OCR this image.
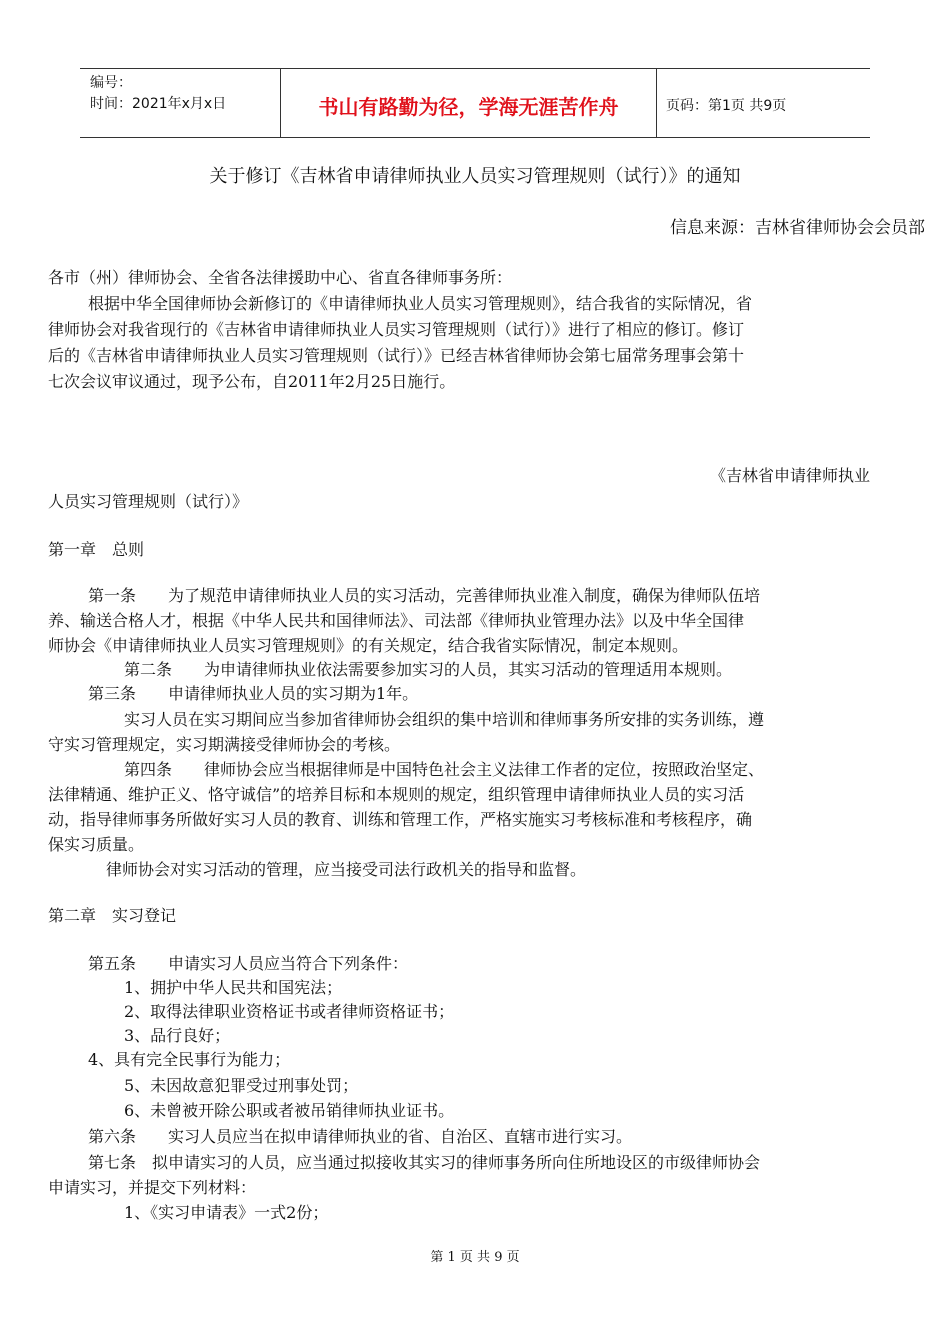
编号：
时间：2021年x月x日	书山有路勤为径，学海无涯苦作舟	页码：第1页 共9页
关于修订《吉林省申请律师执业人员实习管理规则（试行）》的通知
信息来源：吉林省律师协会会员部
各市（州）律师协会、全省各法律援助中心、省直各律师事务所：
根据中华全国律师协会新修订的《申请律师执业人员实习管理规则》，结合我省的实际情况，省
律师协会对我省现行的《吉林省申请律师执业人员实习管理规则（试行）》进行了相应的修订。修订
后的《吉林省申请律师执业人员实习管理规则（试行）》已经吉林省律师协会第七届常务理事会第十
七次会议审议通过，现予公布，自2011年2月25日施行。
《吉林省申请律师执业
人员实习管理规则（试行）》
第一章　总则
第一条　　为了规范申请律师执业人员的实习活动，完善律师执业准入制度，确保为律师队伍培
养、输送合格人才，根据《中华人民共和国律师法》、司法部《律师执业管理办法》以及中华全国律
师协会《申请律师执业人员实习管理规则》的有关规定，结合我省实际情况，制定本规则。
第二条　　为申请律师执业依法需要参加实习的人员，其实习活动的管理适用本规则。
第三条　　申请律师执业人员的实习期为1年。
实习人员在实习期间应当参加省律师协会组织的集中培训和律师事务所安排的实务训练，遵
守实习管理规定，实习期满接受律师协会的考核。
第四条　　律师协会应当根据律师是中国特色社会主义法律工作者的定位，按照政治坚定、
法律精通、维护正义、恪守诚信”的培养目标和本规则的规定，组织管理申请律师执业人员的实习活
动，指导律师事务所做好实习人员的教育、训练和管理工作，严格实施实习考核标准和考核程序，确
保实习质量。
律师协会对实习活动的管理，应当接受司法行政机关的指导和监督。
第二章　实习登记
第五条　　申请实习人员应当符合下列条件：
1、拥护中华人民共和国宪法；
2、取得法律职业资格证书或者律师资格证书；
3、品行良好；
4、具有完全民事行为能力；
5、未因故意犯罪受过刑事处罚；
6、未曾被开除公职或者被吊销律师执业证书。
第六条　　实习人员应当在拟申请律师执业的省、自治区、直辖市进行实习。
第七条　拟申请实习的人员，应当通过拟接收其实习的律师事务所向住所地设区的市级律师协会
申请实习，并提交下列材料：
1、《实习申请表》一式2份；
第 1 页 共 9 页
